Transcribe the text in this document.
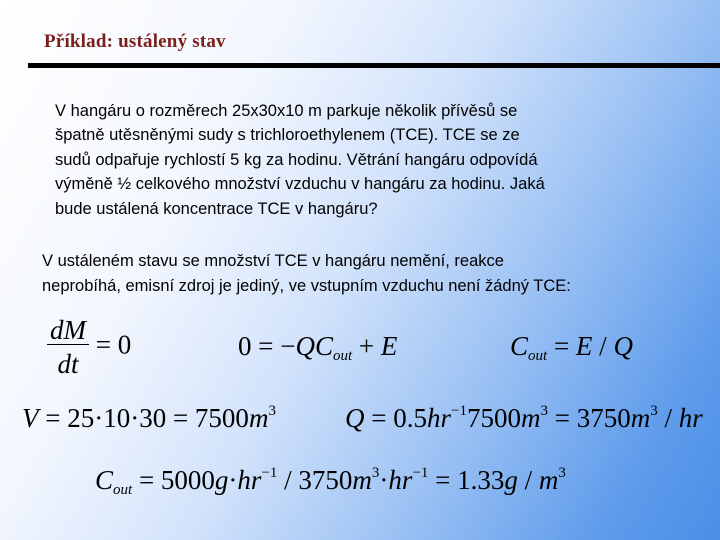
Příklad: ustálený stav

V hangáru o rozměrech 25x30x10 m parkuje několik přívěsů se
špatně utěsněnými sudy s trichloroethylenem (TCE). TCE se ze
sudů odpařuje rychlostí 5 kg za hodinu. Větrání hangáru odpovídá
výměně ½ celkového množství vzduchu v hangáru za hodinu. Jaká
bude ustálená koncentrace TCE v hangáru?

V ustáleném stavu se množství TCE v hangáru nemění, reakce
neprobíhá, emisní zdroj je jediný, ve vstupním vzduchu není žádný TCE:

$\frac{dM}{dt} = 0$	$0 = -QC_{out} + E$	$C_{out} = E / Q$
$V = 25\cdot 10\cdot 30 = 7500m^3$	$Q = 0.5hr^{-1}7500m^3 = 3750m^3$ / hr
$C_{out} = 5000g\cdot hr^{-1} / 3750m^3\cdot hr^{-1} = 1.33g / m^3$
